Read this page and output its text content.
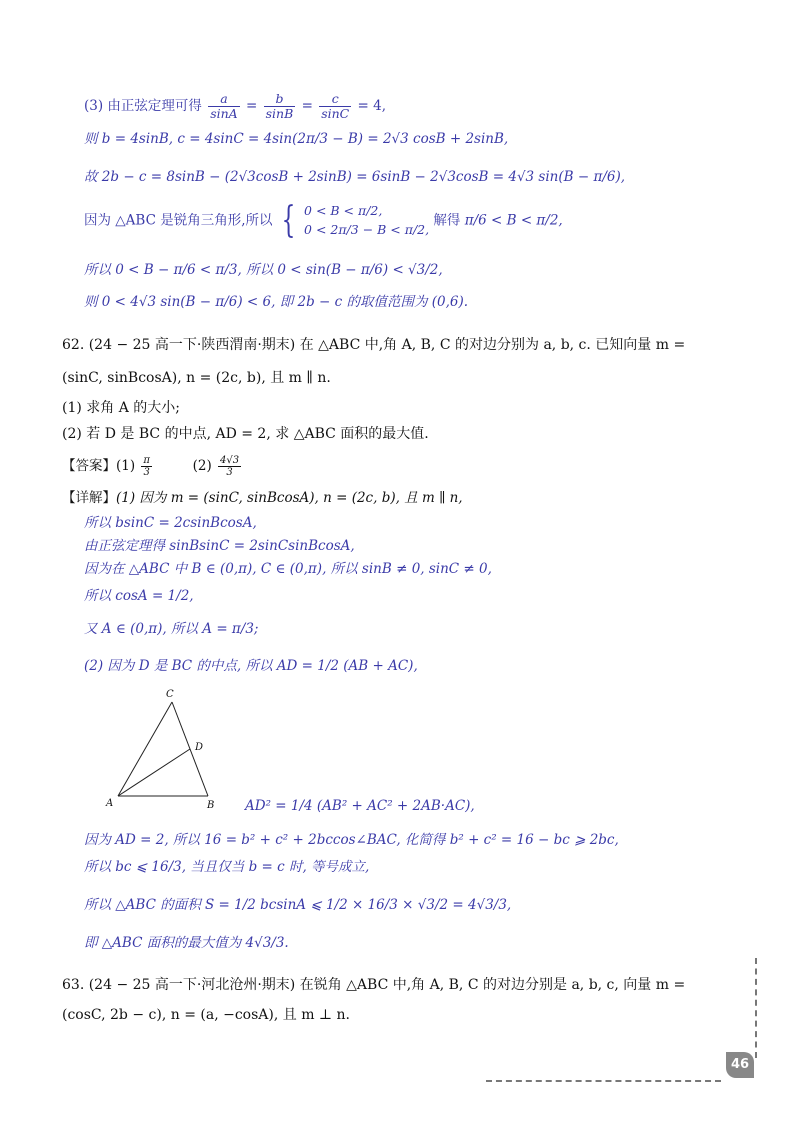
(3) 由正弦定理可得 $\frac{a}{\sin A} = \frac{b}{\sin B} = \frac{c}{\sin C} = 4$,
则 b = 4sinB, c = 4sinC = 4sin(2π/3 − B) = 2√3 cosB + 2sinB,
故 2b − c = 8sinB − (2√3cosB + 2sinB) = 6sinB − 2√3cosB = 4√3 sin(B − π/6),
因为 △ABC 是锐角三角形,所以 { 0 < B < π/2,
0 < 2π/3 − B < π/2, 解得 π/6 < B < π/2,
所以 0 < B − π/6 < π/3, 所以 0 < sin(B − π/6) < √3/2,
则 0 < 4√3 sin(B − π/6) < 6, 即 2b − c 的取值范围为 (0,6).
62. (24 − 25 高一下·陕西渭南·期末) 在 △ABC 中,角 A, B, C 的对边分别为 a, b, c. 已知向量 m =
(sinC, sinBcosA), n = (2c, b), 且 m ∥ n.
(1) 求角 A 的大小;
(2) 若 D 是 BC 的中点, AD = 2, 求 △ABC 面积的最大值.
【答案】$(1) \frac{\pi}{3}$	$(2) \frac{4√3}{3}$
【详解】(1) 因为 m = (sinC, sinBcosA), n = (2c, b), 且 m ∥ n,
所以 bsinC = 2csinBcosA,
由正弦定理得 sinBsinC = 2sinCsinBcosA,
因为在 △ABC 中 B ∈ (0,π), C ∈ (0,π), 所以 sinB ≠ 0, sinC ≠ 0,
所以 cosA = 1/2,
又 A ∈ (0,π), 所以 A = π/3;
(2) 因为 D 是 BC 的中点, 所以 AD = 1/2 (AB + AC),
C
D
A	B AD² = 1/4 (AB² + AC² + 2AB·AC),
因为 AD = 2, 所以 16 = b² + c² + 2bccos∠BAC, 化简得 b² + c² = 16 − bc ⩾ 2bc,
所以 bc ⩽ 16/3, 当且仅当 b = c 时, 等号成立,
所以 △ABC 的面积 S = 1/2 bcsinA ⩽ 1/2 × 16/3 × √3/2 = 4√3/3,
即 △ABC 面积的最大值为 4√3/3.
63. (24 − 25 高一下·河北沧州·期末) 在锐角 △ABC 中,角 A, B, C 的对边分别是 a, b, c, 向量 m =
(cosC, 2b − c), n = (a, −cosA), 且 m ⊥ n.
46
